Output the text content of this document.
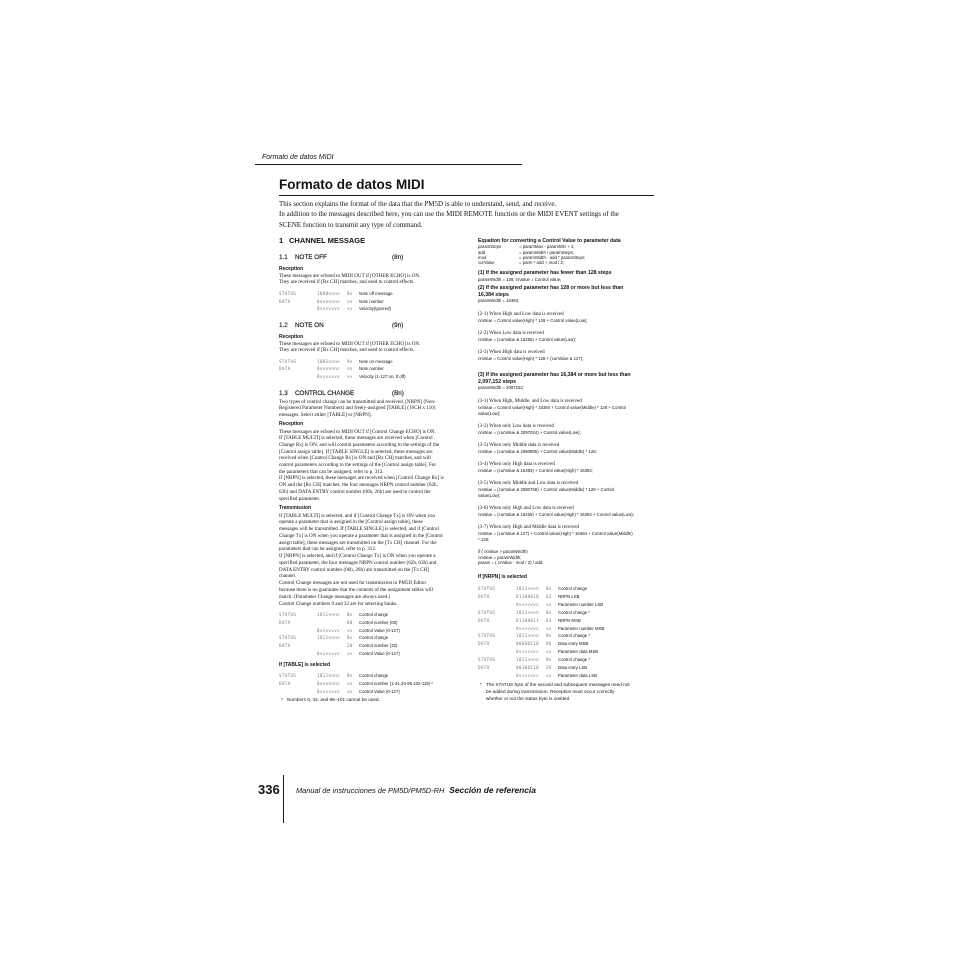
Formato de datos MIDI
Formato de datos MIDI
This section explains the format of the data that the PM5D is able to understand, send, and receive.
In addition to the messages described here, you can use the MIDI REMOTE function or the MIDI EVENT settings of the
SCENE function to transmit any type of command.
1 CHANNEL MESSAGE
1.1 NOTE OFF	(8n)
Reception
These messages are echoed to MIDI OUT if [OTHER ECHO] is ON.
They are received if [Rx CH] matches, and used to control effects.
STATUS	1000nnnn 8n Note off message
DATA	0nnnnnnn nn Note number
0vvvvvvv vv Velocity(ignored)
1.2 NOTE ON	(9n)
Reception
These messages are echoed to MIDI OUT if [OTHER ECHO] is ON.
They are received if [Rx CH] matches, and used to control effects.
STATUS	1001nnnn 9n Note on message
DATA	0nnnnnnn nn Note number
0vvvvvvv vv Velocity (1-127:on, 0:off)
1.3 CONTROL CHANGE	(Bn)
Two types of control change can be transmitted and received, [NRPN] (Non-
Registered Parameter Numbers) and freely-assigned [TABLE] (16CH x 110)
messages. Select either [TABLE] or [NRPN].
Reception
These messages are echoed to MIDI OUT if [Control Change ECHO] is ON.
If [TABLE MULTI] is selected, these messages are received when [Control
Change Rx] is ON, and will control parameters according to the settings of the
[Control assign table]. If [TABLE SINGLE] is selected, these messages are
received when [Control Change Rx] is ON and [Rx CH] matches, and will
control parameters according to the settings of the [Control assign table]. For
the parameters that can be assigned, refer to p. 312.
If [NRPN] is selected, these messages are received when [Control Change Rx] is
ON and the [Rx CH] matches; the four messages NRPN control number (62h,
63h) and DATA ENTRY control number (06h, 26h) are used to control the
specified parameter.
Transmission
If [TABLE MULTI] is selected, and if [Control Change Tx] is ON when you
operate a parameter that is assigned in the [Control assign table], these
messages will be transmitted. If [TABLE SINGLE] is selected, and if [Control
Change Tx] is ON when you operate a parameter that is assigned in the [Control
assign table], these messages are transmitted on the [Tx CH] channel. For the
parameters that can be assigned, refer to p. 312.
If [NRPN] is selected, and if [Control Change Tx] is ON when you operate a
specified parameter, the four messages NRPN control number (62h, 63h) and
DATA ENTRY control number (06h, 26h) are transmitted on the [Tx CH]
channel.
Control Change messages are not used for transmission to PM5D Editor
because there is no guarantee that the contents of the assignment tables will
match. (Parameter Change messages are always used.)
Control Change numbers 0 and 32 are for selecting banks.
STATUS	1011nnnn Bn Control change
DATA	00 Control number (00)
0vvvvvvv vv Control Value (0-127)
STATUS	1011nnnn Bn Control change
DATA	20 Control number (32)
0vvvvvvv vv Control Value (0-127)
If [TABLE] is selected
STATUS	1011nnnn Bn Control change
DATA	0nnnnnnn nn Control number (1-31,33-95,102-119) *
0vvvvvvv vv Control Value (0-127)
* Numbers 0, 32, and 96–101 cannot be used.
Equation for converting a Control Value to parameter data
paramSteps	= paramMax - paramMin + 1;
add	= paramWidth / paramSteps;
mod	= paramWidth - add * paramSteps;
curValue	= parm * add + mod / 2;
(1) If the assigned parameter has fewer than 128 steps
paramWidth = 128; rxValue = Control value;
(2) If the assigned parameter has 128 or more but less than
16,384 steps
paramWidth = 16384;
(2-1) When High and Low data is received
rxValue = Control value(High) * 128 + Control value(Low);
(2-2) When Low data is received
rxValue = (curValue & 16256) + Control value(Low);
(2-3) When High data is received
rxValue = Control value(High) * 128 + (curValue & 127);
(3) If the assigned parameter has 16,384 or more but less than
2,097,152 steps
paramWidth = 2097152;
(3-1) When High, Middle, and Low data is received
rxValue = Control value(High) * 16384 + Control value(Middle) * 128 + Control
value(Low);
(3-2) When only Low data is received
rxValue = (curValue & 2097024) + Control value(Low);
(3-3) When only Middle data is received
rxValue = (curValue & 2080895) + Control value(Middle) * 128;
(3-4) When only High data is received
rxValue = (curValue & 16383) + Control value(High) * 16384;
(3-5) When only Middle and Low data is received
rxValue = (curValue & 2080768) + Control value(Middle) * 128 + Control
value(Low);
(3-6) When only High and Low data is received
rxValue = (curValue & 16256) + Control value(High) * 16384 + Control value(Low);
(3-7) When only High and Middle data is received
rxValue = (curValue & 127) + Control value(High) * 16384 + Control value(Middle)
* 128;
if ( rxValue > paramWidth)
rxValue = paramWidth;
param = ( rxValue - mod / 2) / add;
If [NRPN] is selected
STATUS	1011nnnn Bn Control change
DATA	01100010 62 NRPN LSB
0vvvvvvv vv Parameter number LSB
STATUS	1011nnnn Bn Control change *
DATA	01100011 63 NRPN MSB
0vvvvvvv vv Parameter number MSB
STATUS	1011nnnn Bn Control change *
DATA	00000110 06 Data entry MSB
0vvvvvvv vv Parameter data MSB
STATUS	1011nnnn Bn Control change *
DATA	00100110 26 Data entry LSB
0vvvvvvv vv Parameter data LSB
* The STATUS byte of the second and subsequent messages need not
be added during transmission. Reception must occur correctly
whether or not the status byte is omitted.
336 Manual de instrucciones de PM5D/PM5D-RH Sección de referencia
